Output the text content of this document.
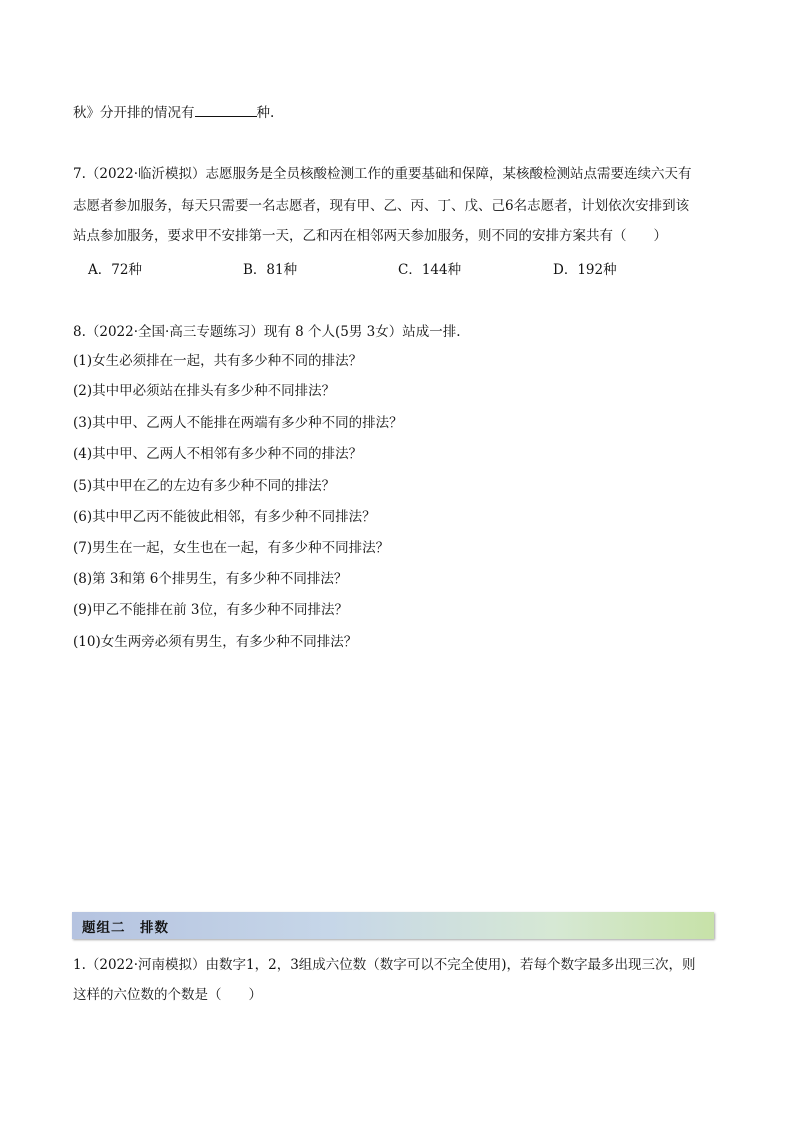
秋》分开排的情况有	种.
7.（2022·临沂模拟）志愿服务是全员核酸检测工作的重要基础和保障，某核酸检测站点需要连续六天有
志愿者参加服务，每天只需要一名志愿者，现有甲、乙、丙、丁、戊、己6名志愿者，计划依次安排到该
站点参加服务，要求甲不安排第一天，乙和丙在相邻两天参加服务，则不同的安排方案共有（　　）
A．72种	B．81种	C．144种	D．192种
8.（2022·全国·高三专题练习）现有 8 个人(5男 3女）站成一排.
(1)女生必须排在一起，共有多少种不同的排法？
(2)其中甲必须站在排头有多少种不同排法？
(3)其中甲、乙两人不能排在两端有多少种不同的排法？
(4)其中甲、乙两人不相邻有多少种不同的排法？
(5)其中甲在乙的左边有多少种不同的排法？
(6)其中甲乙丙不能彼此相邻，有多少种不同排法？
(7)男生在一起，女生也在一起，有多少种不同排法？
(8)第 3和第 6个排男生，有多少种不同排法？
(9)甲乙不能排在前 3位，有多少种不同排法？
(10)女生两旁必须有男生，有多少种不同排法？
题组二　排数
1.（2022·河南模拟）由数字1，2，3组成六位数（数字可以不完全使用)，若每个数字最多出现三次，则
这样的六位数的个数是（　　）
